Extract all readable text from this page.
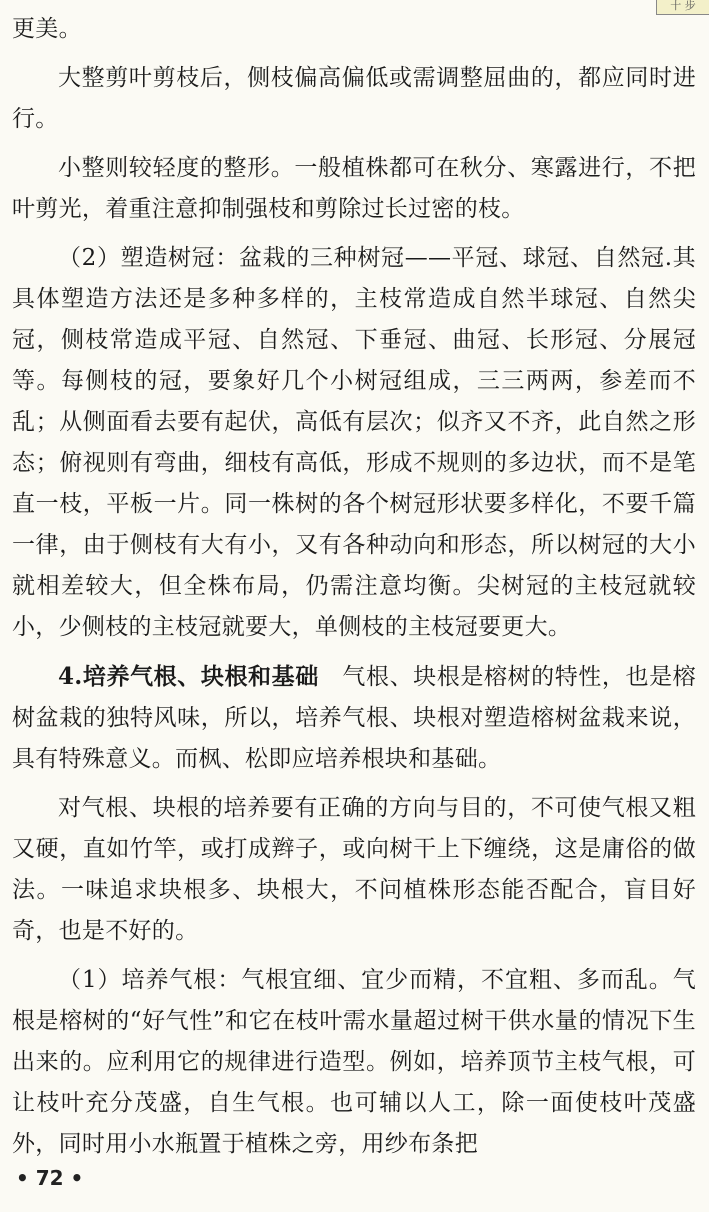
十 步

更美。

大整剪叶剪枝后，侧枝偏高偏低或需调整屈曲的，都应同时进行。

小整则较轻度的整形。一般植株都可在秋分、寒露进行，不把叶剪光，着重注意抑制强枝和剪除过长过密的枝。

（2）塑造树冠：盆栽的三种树冠——平冠、球冠、自然冠.其具体塑造方法还是多种多样的，主枝常造成自然半球冠、自然尖冠，侧枝常造成平冠、自然冠、下垂冠、曲冠、长形冠、分展冠等。每侧枝的冠，要象好几个小树冠组成，三三两两，参差而不乱；从侧面看去要有起伏，高低有层次；似齐又不齐，此自然之形态；俯视则有弯曲，细枝有高低，形成不规则的多边状，而不是笔直一枝，平板一片。同一株树的各个树冠形状要多样化，不要千篇一律，由于侧枝有大有小，又有各种动向和形态，所以树冠的大小就相差较大，但全株布局，仍需注意均衡。尖树冠的主枝冠就较小，少侧枝的主枝冠就要大，单侧枝的主枝冠要更大。

4.培养气根、块根和基础　气根、块根是榕树的特性，也是榕树盆栽的独特风味，所以，培养气根、块根对塑造榕树盆栽来说，具有特殊意义。而枫、松即应培养根块和基础。

对气根、块根的培养要有正确的方向与目的，不可使气根又粗又硬，直如竹竿，或打成辫子，或向树干上下缠绕，这是庸俗的做法。一味追求块根多、块根大，不问植株形态能否配合，盲目好奇，也是不好的。

（1）培养气根：气根宜细、宜少而精，不宜粗、多而乱。气根是榕树的“好气性”和它在枝叶需水量超过树干供水量的情况下生出来的。应利用它的规律进行造型。例如，培养顶节主枝气根，可让枝叶充分茂盛，自生气根。也可辅以人工，除一面使枝叶茂盛外，同时用小水瓶置于植株之旁，用纱布条把

• 72 •
